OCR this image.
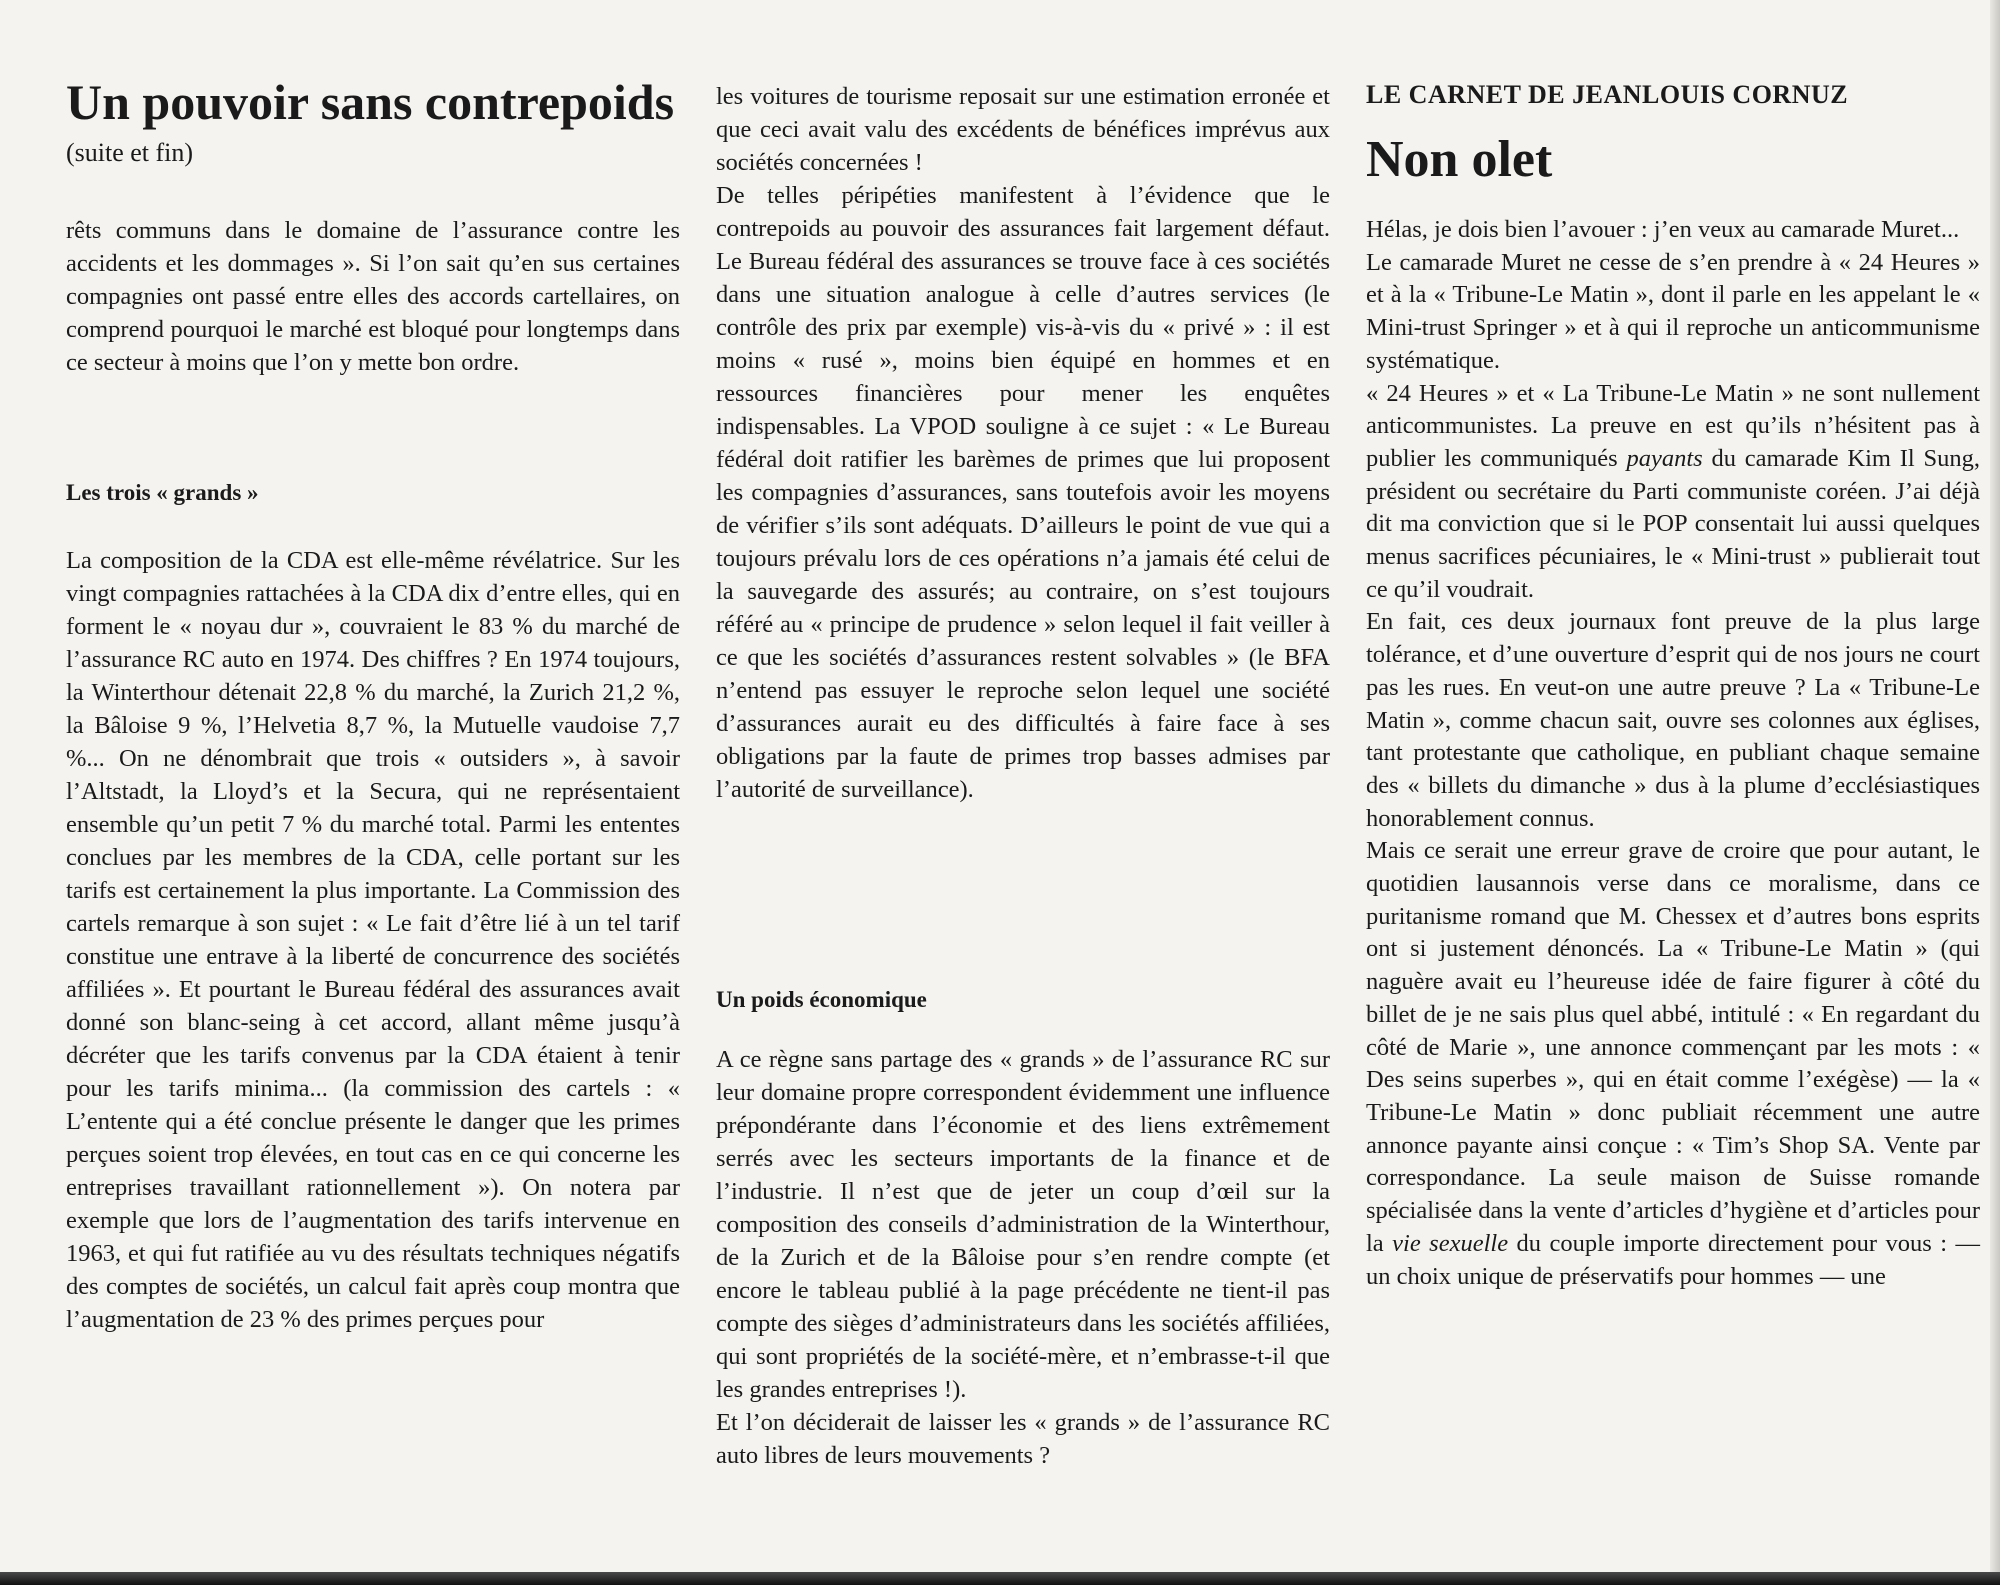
Un pouvoir sans contrepoids
(suite et fin)

rêts communs dans le domaine de l’assurance contre les accidents et les dommages ». Si l’on sait qu’en sus certaines compagnies ont passé entre elles des accords cartellaires, on comprend pourquoi le marché est bloqué pour longtemps dans ce secteur à moins que l’on y mette bon ordre.

Les trois « grands »

La composition de la CDA est elle-même révélatrice. Sur les vingt compagnies rattachées à la CDA dix d’entre elles, qui en forment le « noyau dur », couvraient le 83 % du marché de l’assurance RC auto en 1974. Des chiffres ? En 1974 toujours, la Winterthour détenait 22,8 % du marché, la Zurich 21,2 %, la Bâloise 9 %, l’Helvetia 8,7 %, la Mutuelle vaudoise 7,7 %... On ne dénombrait que trois « outsiders », à savoir l’Altstadt, la Lloyd’s et la Secura, qui ne représentaient ensemble qu’un petit 7 % du marché total. Parmi les ententes conclues par les membres de la CDA, celle portant sur les tarifs est certainement la plus importante. La Commission des cartels remarque à son sujet : « Le fait d’être lié à un tel tarif constitue une entrave à la liberté de concurrence des sociétés affiliées ». Et pourtant le Bureau fédéral des assurances avait donné son blanc-seing à cet accord, allant même jusqu’à décréter que les tarifs convenus par la CDA étaient à tenir pour les tarifs minima... (la commission des cartels : « L’entente qui a été conclue présente le danger que les primes perçues soient trop élevées, en tout cas en ce qui concerne les entreprises travaillant rationnellement »). On notera par exemple que lors de l’augmentation des tarifs intervenue en 1963, et qui fut ratifiée au vu des résultats techniques négatifs des comptes de sociétés, un calcul fait après coup montra que l’augmentation de 23 % des primes perçues pour

les voitures de tourisme reposait sur une estimation erronée et que ceci avait valu des excédents de bénéfices imprévus aux sociétés concernées !

De telles péripéties manifestent à l’évidence que le contrepoids au pouvoir des assurances fait largement défaut. Le Bureau fédéral des assurances se trouve face à ces sociétés dans une situation analogue à celle d’autres services (le contrôle des prix par exemple) vis-à-vis du « privé » : il est moins « rusé », moins bien équipé en hommes et en ressources financières pour mener les enquêtes indispensables. La VPOD souligne à ce sujet : « Le Bureau fédéral doit ratifier les barèmes de primes que lui proposent les compagnies d’assurances, sans toutefois avoir les moyens de vérifier s’ils sont adéquats. D’ailleurs le point de vue qui a toujours prévalu lors de ces opérations n’a jamais été celui de la sauvegarde des assurés; au contraire, on s’est toujours référé au « principe de prudence » selon lequel il fait veiller à ce que les sociétés d’assurances restent solvables » (le BFA n’entend pas essuyer le reproche selon lequel une société d’assurances aurait eu des difficultés à faire face à ses obligations par la faute de primes trop basses admises par l’autorité de surveillance).

Un poids économique

A ce règne sans partage des « grands » de l’assurance RC sur leur domaine propre correspondent évidemment une influence prépondérante dans l’économie et des liens extrêmement serrés avec les secteurs importants de la finance et de l’industrie. Il n’est que de jeter un coup d’œil sur la composition des conseils d’administration de la Winterthour, de la Zurich et de la Bâloise pour s’en rendre compte (et encore le tableau publié à la page précédente ne tient-il pas compte des sièges d’administrateurs dans les sociétés affiliées, qui sont propriétés de la société-mère, et n’embrasse-t-il que les grandes entreprises !).

Et l’on déciderait de laisser les « grands » de l’assurance RC auto libres de leurs mouvements ?

LE CARNET DE JEANLOUIS CORNUZ
Non olet

Hélas, je dois bien l’avouer : j’en veux au camarade Muret...

Le camarade Muret ne cesse de s’en prendre à « 24 Heures » et à la « Tribune-Le Matin », dont il parle en les appelant le « Mini-trust Springer » et à qui il reproche un anticommunisme systématique.

« 24 Heures » et « La Tribune-Le Matin » ne sont nullement anticommunistes. La preuve en est qu’ils n’hésitent pas à publier les communiqués payants du camarade Kim Il Sung, président ou secrétaire du Parti communiste coréen. J’ai déjà dit ma conviction que si le POP consentait lui aussi quelques menus sacrifices pécuniaires, le « Mini-trust » publierait tout ce qu’il voudrait.

En fait, ces deux journaux font preuve de la plus large tolérance, et d’une ouverture d’esprit qui de nos jours ne court pas les rues. En veut-on une autre preuve ? La « Tribune-Le Matin », comme chacun sait, ouvre ses colonnes aux églises, tant protestante que catholique, en publiant chaque semaine des « billets du dimanche » dus à la plume d’ecclésiastiques honorablement connus.

Mais ce serait une erreur grave de croire que pour autant, le quotidien lausannois verse dans ce moralisme, dans ce puritanisme romand que M. Chessex et d’autres bons esprits ont si justement dénoncés. La « Tribune-Le Matin » (qui naguère avait eu l’heureuse idée de faire figurer à côté du billet de je ne sais plus quel abbé, intitulé : « En regardant du côté de Marie », une annonce commençant par les mots : « Des seins superbes », qui en était comme l’exégèse) — la « Tribune-Le Matin » donc publiait récemment une autre annonce payante ainsi conçue : « Tim’s Shop SA. Vente par correspondance. La seule maison de Suisse romande spécialisée dans la vente d’articles d’hygiène et d’articles pour la vie sexuelle du couple importe directement pour vous : — un choix unique de préservatifs pour hommes — une
